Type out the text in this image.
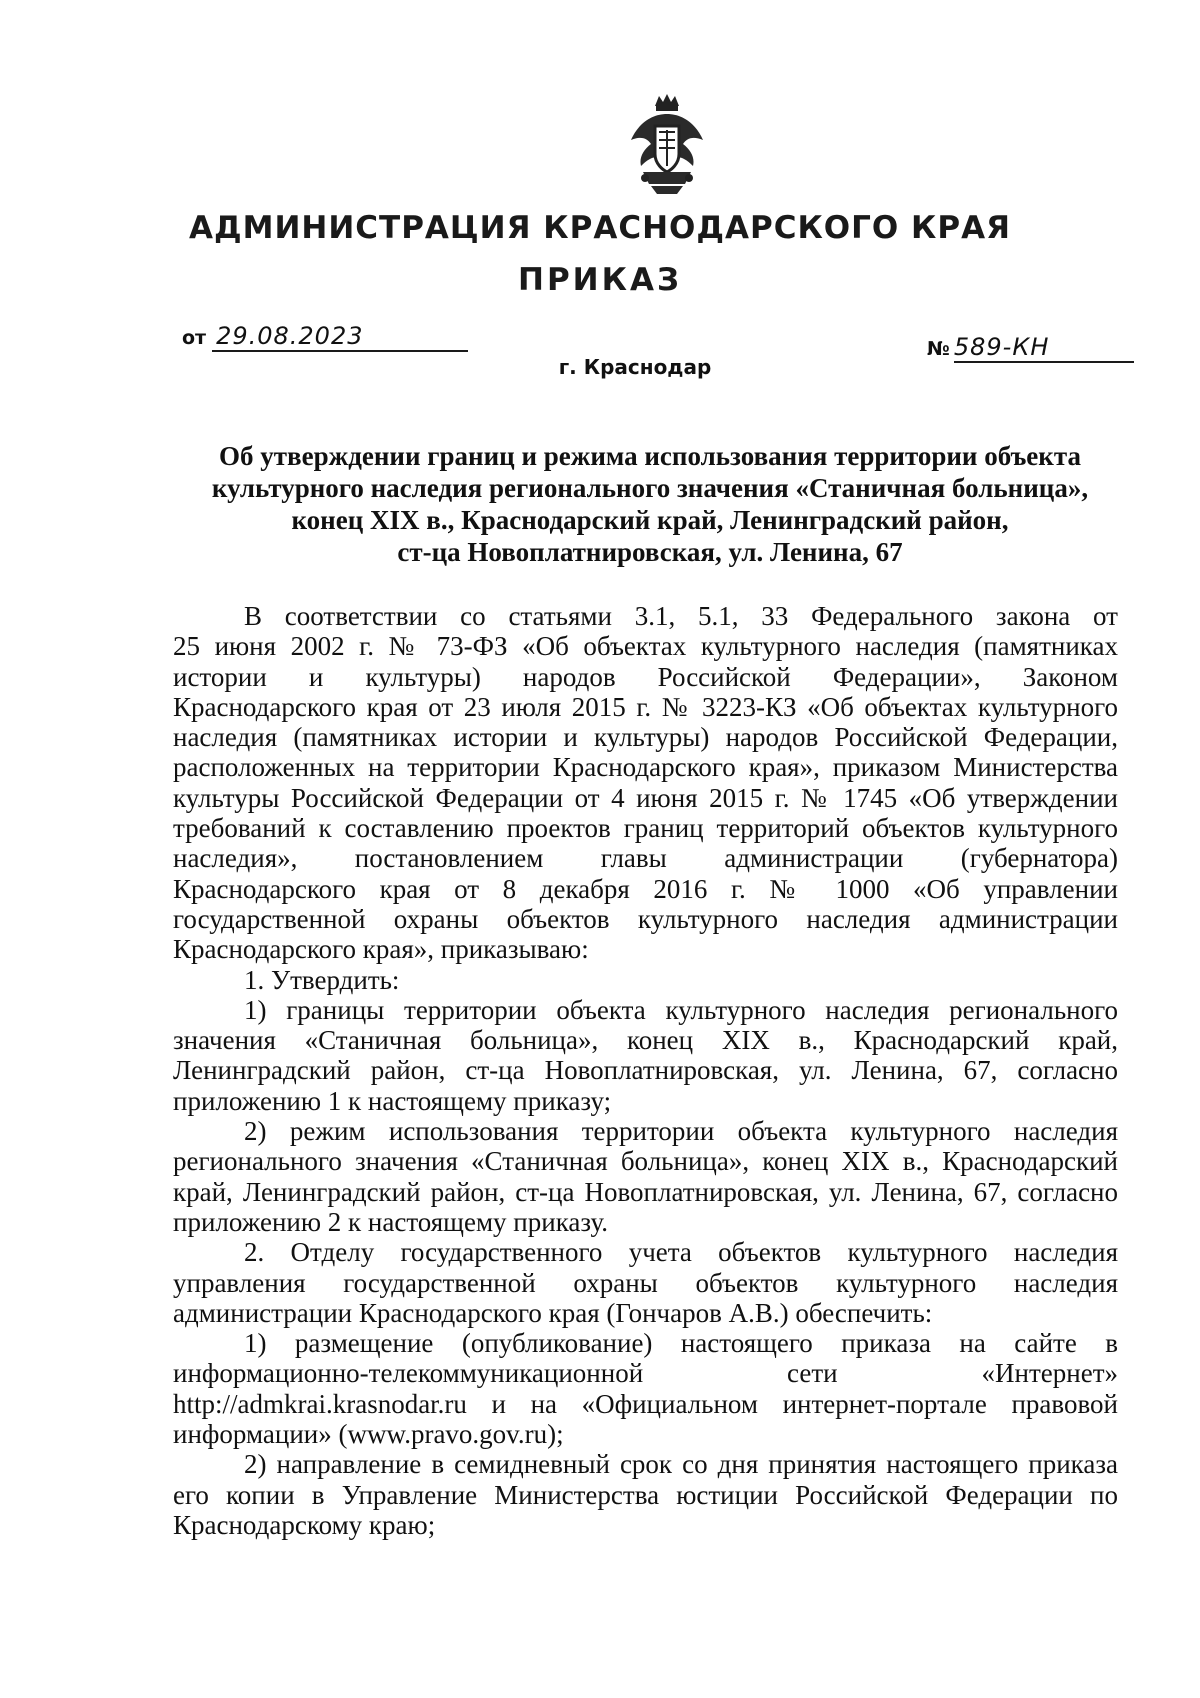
АДМИНИСТРАЦИЯ КРАСНОДАРСКОГО КРАЯ
ПРИКАЗ
от 29.08.2023
г. Краснодар
№ 589-КН
Об утверждении границ и режима использования территории объекта
культурного наследия регионального значения «Станичная больница»,
конец XIX в., Краснодарский край, Ленинградский район,
ст-ца Новоплатнировская, ул. Ленина, 67
В соответствии со статьями 3.1, 5.1, 33 Федерального закона от
25 июня 2002 г. № 73-ФЗ «Об объектах культурного наследия (памятниках
истории и культуры) народов Российской Федерации», Законом
Краснодарского края от 23 июля 2015 г. № 3223-КЗ «Об объектах культурного
наследия (памятниках истории и культуры) народов Российской Федерации,
расположенных на территории Краснодарского края», приказом Министерства
культуры Российской Федерации от 4 июня 2015 г. № 1745 «Об утверждении
требований к составлению проектов границ территорий объектов культурного
наследия», постановлением главы администрации (губернатора)
Краснодарского края от 8 декабря 2016 г. № 1000 «Об управлении
государственной охраны объектов культурного наследия администрации
Краснодарского края», приказываю:
1. Утвердить:
1) границы территории объекта культурного наследия регионального
значения «Станичная больница», конец XIX в., Краснодарский край,
Ленинградский район, ст-ца Новоплатнировская, ул. Ленина, 67, согласно
приложению 1 к настоящему приказу;
2) режим использования территории объекта культурного наследия
регионального значения «Станичная больница», конец XIX в., Краснодарский
край, Ленинградский район, ст-ца Новоплатнировская, ул. Ленина, 67, согласно
приложению 2 к настоящему приказу.
2. Отделу государственного учета объектов культурного наследия
управления государственной охраны объектов культурного наследия
администрации Краснодарского края (Гончаров А.В.) обеспечить:
1) размещение (опубликование) настоящего приказа на сайте в
информационно-телекоммуникационной сети «Интернет»
http://admkrai.krasnodar.ru и на «Официальном интернет-портале правовой
информации» (www.pravo.gov.ru);
2) направление в семидневный срок со дня принятия настоящего приказа
его копии в Управление Министерства юстиции Российской Федерации по
Краснодарскому краю;
